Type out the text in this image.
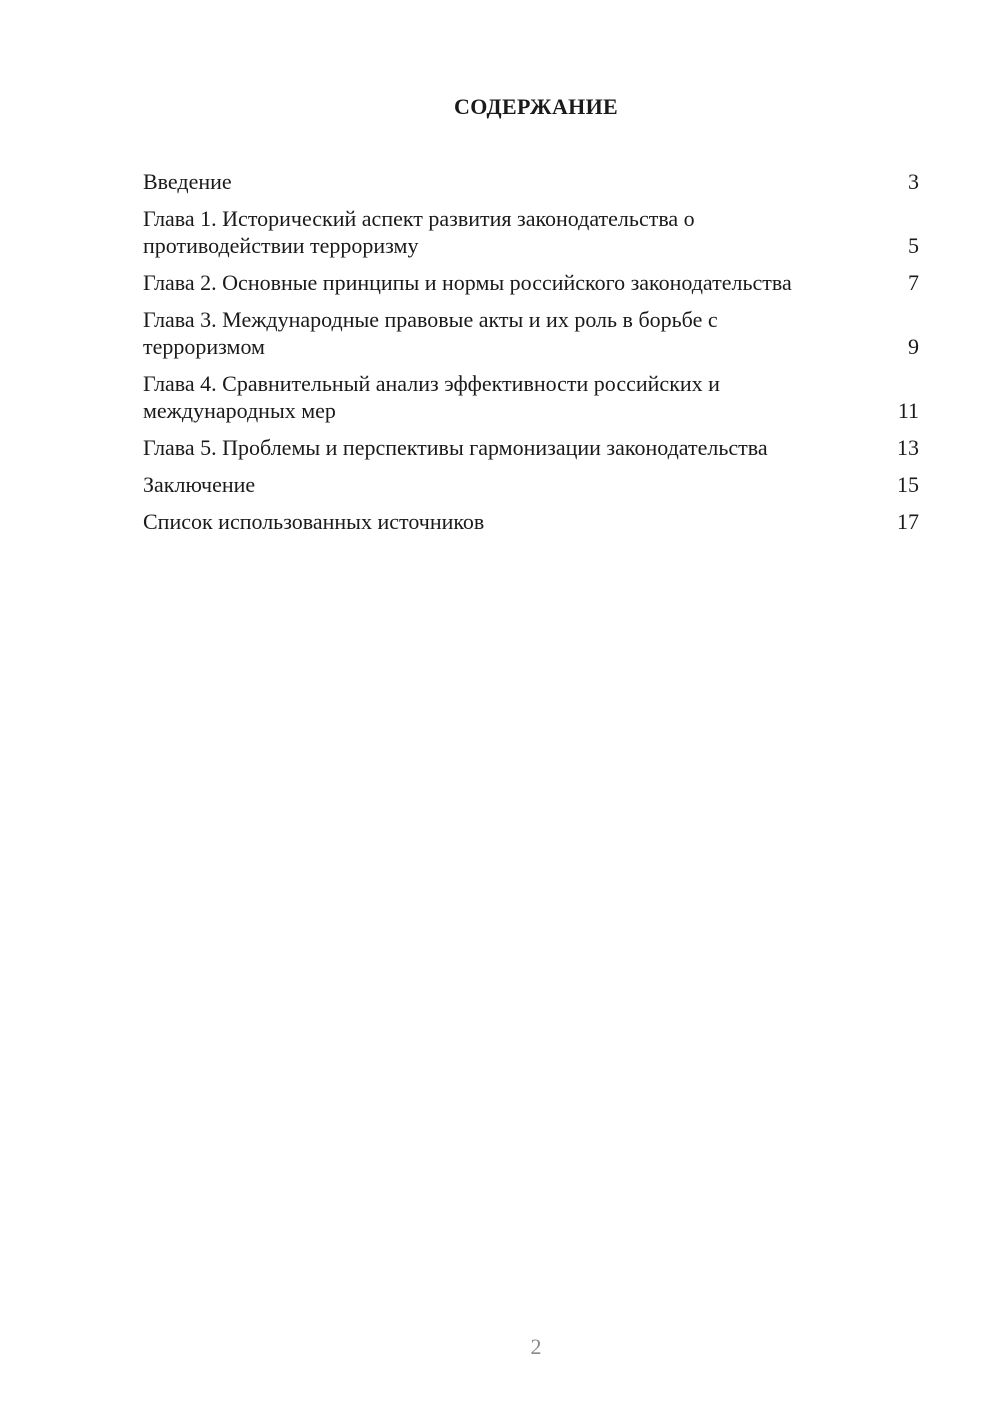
СОДЕРЖАНИЕ
Введение	3
Глава 1. Исторический аспект развития законодательства о противодействии терроризму	5
Глава 2. Основные принципы и нормы российского законодательства	7
Глава 3. Международные правовые акты и их роль в борьбе с терроризмом	9
Глава 4. Сравнительный анализ эффективности российских и международных мер	11
Глава 5. Проблемы и перспективы гармонизации законодательства	13
Заключение	15
Список использованных источников	17
2
